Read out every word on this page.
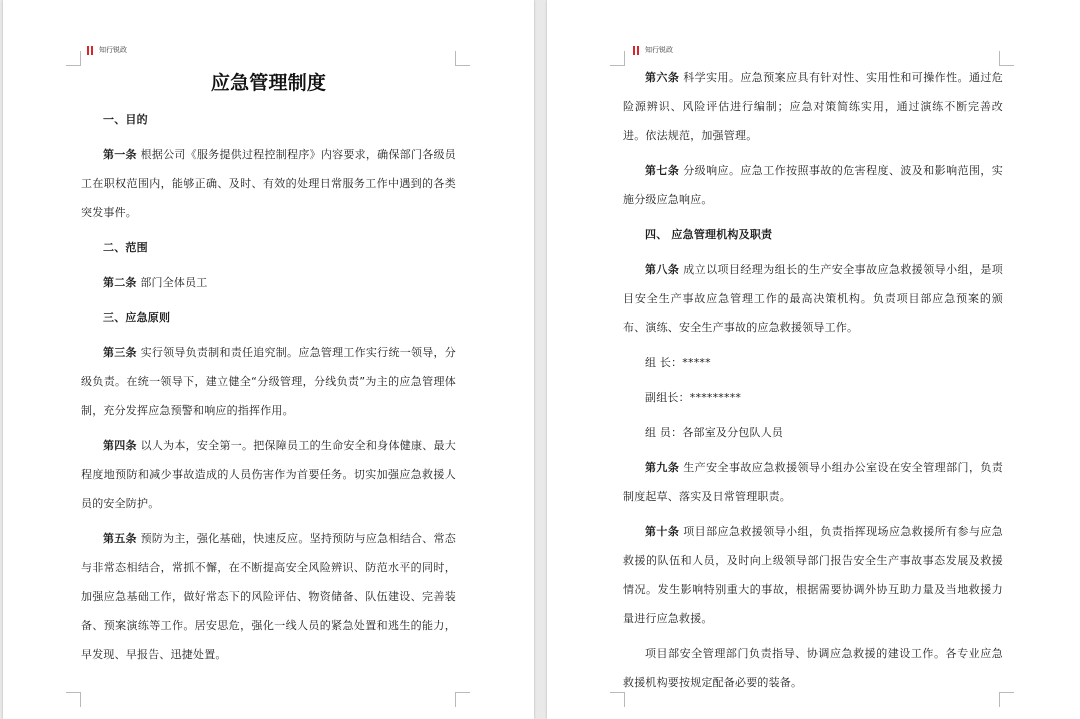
知行锐政
应急管理制度
一、目的
第一条 根据公司《服务提供过程控制程序》内容要求，确保部门各级员工在职权范围内，能够正确、及时、有效的处理日常服务工作中遇到的各类突发事件。
二、范围
第二条 部门全体员工
三、应急原则
第三条 实行领导负责制和责任追究制。应急管理工作实行统一领导，分级负责。在统一领导下，建立健全“分级管理，分线负责”为主的应急管理体制，充分发挥应急预警和响应的指挥作用。
第四条 以人为本，安全第一。把保障员工的生命安全和身体健康、最大程度地预防和减少事故造成的人员伤害作为首要任务。切实加强应急救援人员的安全防护。
第五条 预防为主，强化基础，快速反应。坚持预防与应急相结合、常态与非常态相结合，常抓不懈，在不断提高安全风险辨识、防范水平的同时，加强应急基础工作，做好常态下的风险评估、物资储备、队伍建设、完善装备、预案演练等工作。居安思危，强化一线人员的紧急处置和逃生的能力，早发现、早报告、迅捷处置。
知行锐政
第六条 科学实用。应急预案应具有针对性、实用性和可操作性。通过危险源辨识、风险评估进行编制；应急对策简练实用，通过演练不断完善改进。依法规范，加强管理。
第七条 分级响应。应急工作按照事故的危害程度、波及和影响范围，实施分级应急响应。
四、 应急管理机构及职责
第八条 成立以项目经理为组长的生产安全事故应急救援领导小组，是项目安全生产事故应急管理工作的最高决策机构。负责项目部应急预案的颁布、演练、安全生产事故的应急救援领导工作。
组 长：*****
副组长：*********
组 员：各部室及分包队人员
第九条 生产安全事故应急救援领导小组办公室设在安全管理部门，负责制度起草、落实及日常管理职责。
第十条 项目部应急救援领导小组，负责指挥现场应急救援所有参与应急救援的队伍和人员，及时向上级领导部门报告安全生产事故事态发展及救援情况。发生影响特别重大的事故，根据需要协调外协互助力量及当地救援力量进行应急救援。
项目部安全管理部门负责指导、协调应急救援的建设工作。各专业应急救援机构要按规定配备必要的装备。
